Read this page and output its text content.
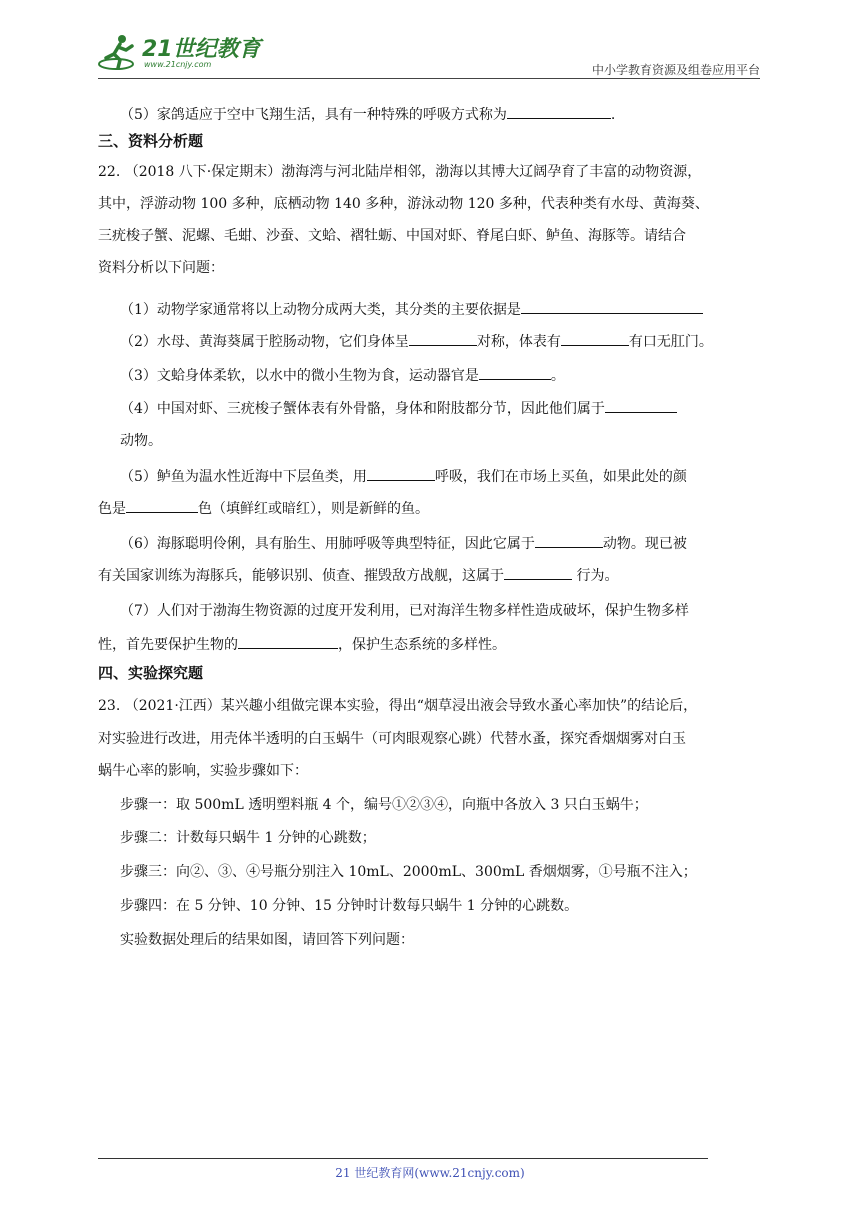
21世纪教育
www.21cnjy.com	中小学教育资源及组卷应用平台
（5）家鸽适应于空中飞翔生活，具有一种特殊的呼吸方式称为	.
三、资料分析题
22. （2018 八下·保定期末）渤海湾与河北陆岸相邻，渤海以其博大辽阔孕育了丰富的动物资源，
其中，浮游动物 100 多种，底栖动物 140 多种，游泳动物 120 多种，代表种类有水母、黄海葵、
三疣梭子蟹、泥螺、毛蚶、沙蚕、文蛤、褶牡蛎、中国对虾、脊尾白虾、鲈鱼、海豚等。请结合
资料分析以下问题：
（1）动物学家通常将以上动物分成两大类，其分类的主要依据是
（2）水母、黄海葵属于腔肠动物，它们身体呈	对称，体表有	有口无肛门。
（3）文蛤身体柔软，以水中的微小生物为食，运动器官是	。
（4）中国对虾、三疣梭子蟹体表有外骨骼，身体和附肢都分节，因此他们属于
动物。
（5）鲈鱼为温水性近海中下层鱼类，用	呼吸，我们在市场上买鱼，如果此处的颜
色是	色（填鲜红或暗红），则是新鲜的鱼。
（6）海豚聪明伶俐，具有胎生、用肺呼吸等典型特征，因此它属于	动物。现已被
有关国家训练为海豚兵，能够识别、侦查、摧毁敌方战舰，这属于	行为。
（7）人们对于渤海生物资源的过度开发利用，已对海洋生物多样性造成破坏，保护生物多样
性，首先要保护生物的	，保护生态系统的多样性。
四、实验探究题
23. （2021·江西）某兴趣小组做完课本实验，得出“烟草浸出液会导致水蚤心率加快”的结论后，
对实验进行改进，用壳体半透明的白玉蜗牛（可肉眼观察心跳）代替水蚤，探究香烟烟雾对白玉
蜗牛心率的影响，实验步骤如下：
步骤一：取 500mL 透明塑料瓶 4 个，编号①②③④，向瓶中各放入 3 只白玉蜗牛；
步骤二：计数每只蜗牛 1 分钟的心跳数；
步骤三：向②、③、④号瓶分别注入 10mL、2000mL、300mL 香烟烟雾，①号瓶不注入；
步骤四：在 5 分钟、10 分钟、15 分钟时计数每只蜗牛 1 分钟的心跳数。
实验数据处理后的结果如图，请回答下列问题：
21 世纪教育网(www.21cnjy.com)
